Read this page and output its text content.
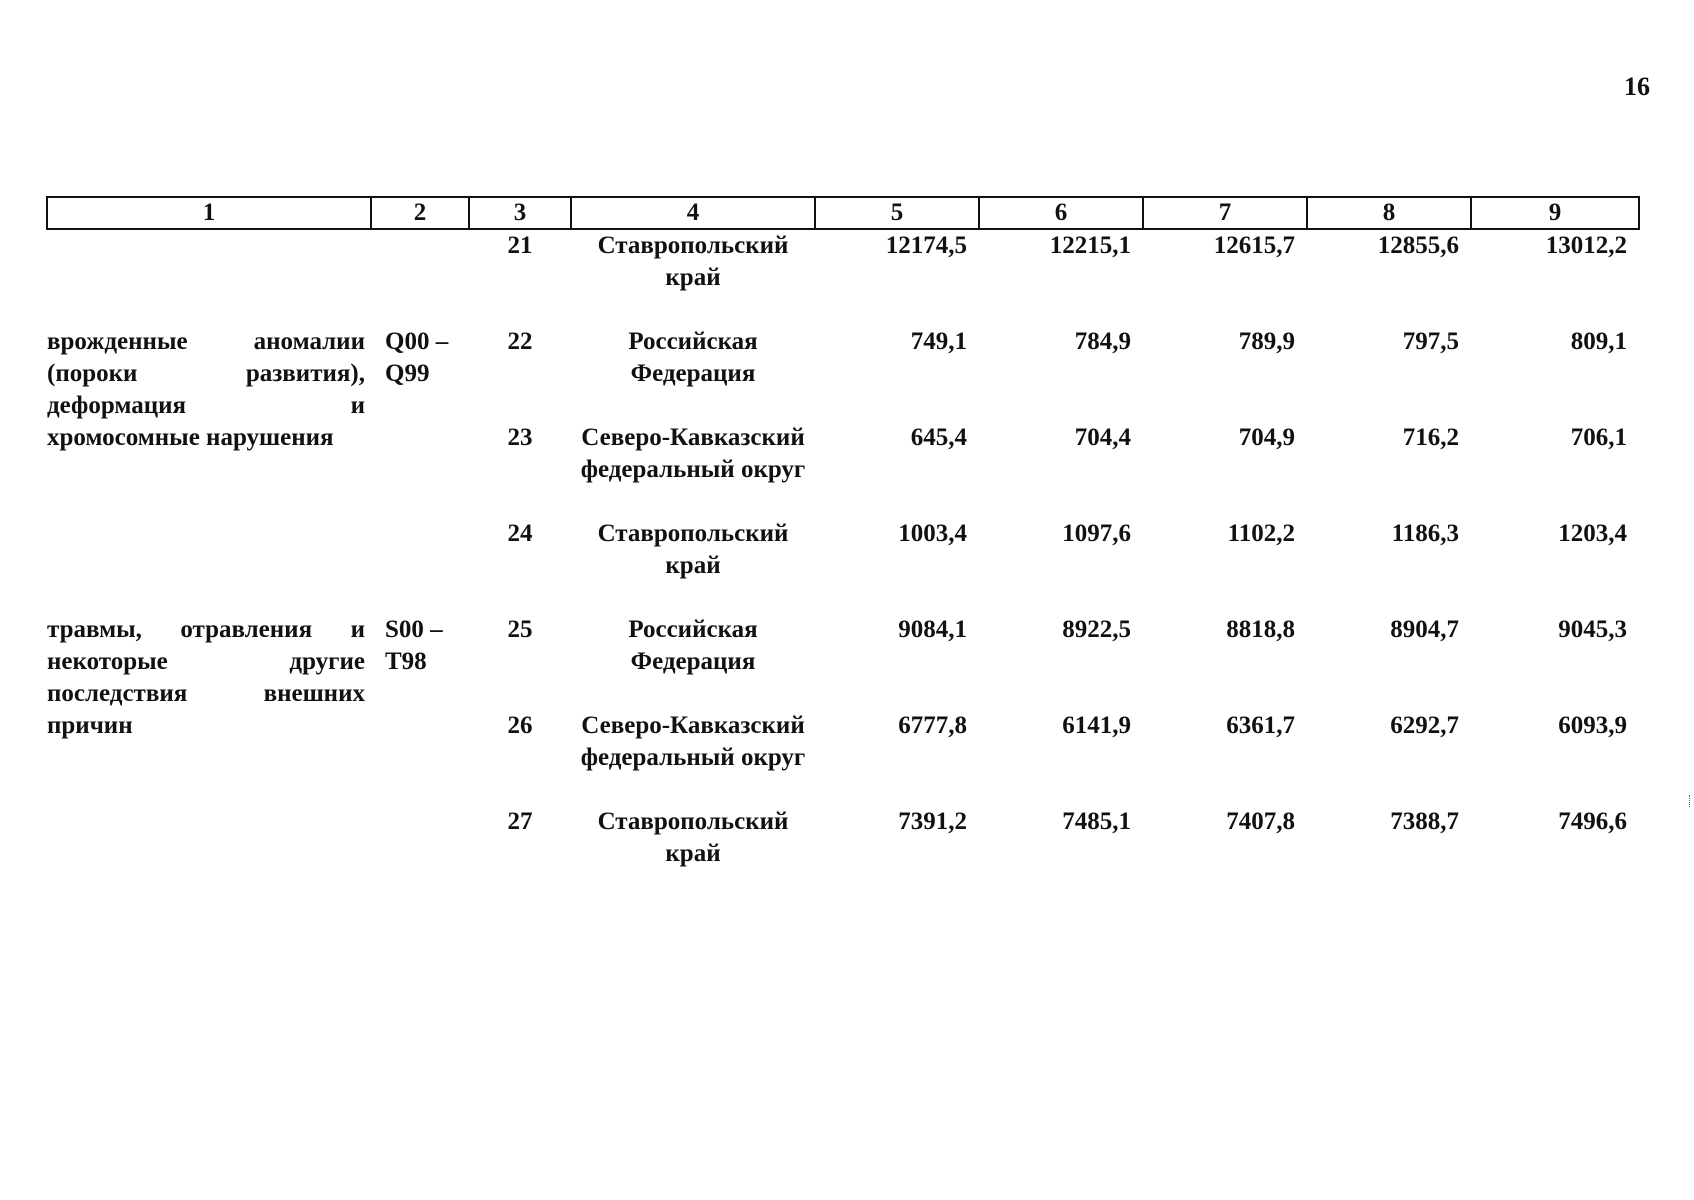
16
1	2	3	4	5	6	7	8	9
		21	Ставропольский край	12174,5	12215,1	12615,7	12855,6	13012,2

врожденные аномалии (пороки развития), деформация и хромосомные нарушения	Q00 – Q99	22	Российская Федерация	749,1	784,9	789,9	797,5	809,1

		23	Северо-Кавказский федеральный округ	645,4	704,4	704,9	716,2	706,1

		24	Ставропольский край	1003,4	1097,6	1102,2	1186,3	1203,4

травмы, отравления и некоторые другие последствия внешних причин	S00 – T98	25	Российская Федерация	9084,1	8922,5	8818,8	8904,7	9045,3

		26	Северо-Кавказский федеральный округ	6777,8	6141,9	6361,7	6292,7	6093,9

		27	Ставропольский край	7391,2	7485,1	7407,8	7388,7	7496,6
